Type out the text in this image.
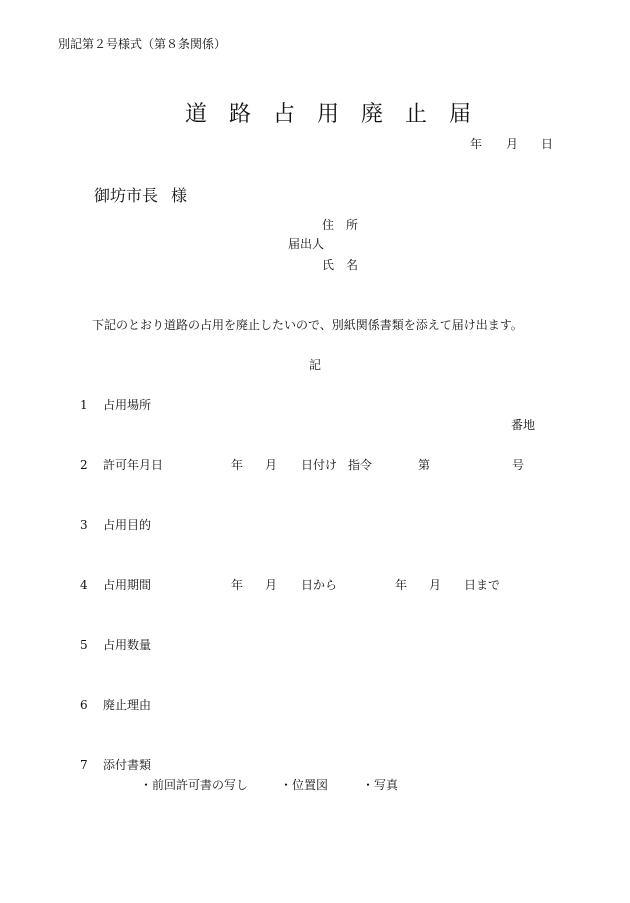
別記第２号様式（第８条関係）
道路占用廃止届
年 月 日
御坊市長 様
住　所
届出人
氏　名
下記のとおり道路の占用を廃止したいので、別紙関係書類を添えて届け出ます。
記
1 占用場所
番地
2 許可年月日	年 月 日付け 指令	第	号
3 占用目的
4 占用期間	年 月 日から	年 月 日まで
5 占用数量
6 廃止理由
7 添付書類
・前回許可書の写し	・位置図	・写真
